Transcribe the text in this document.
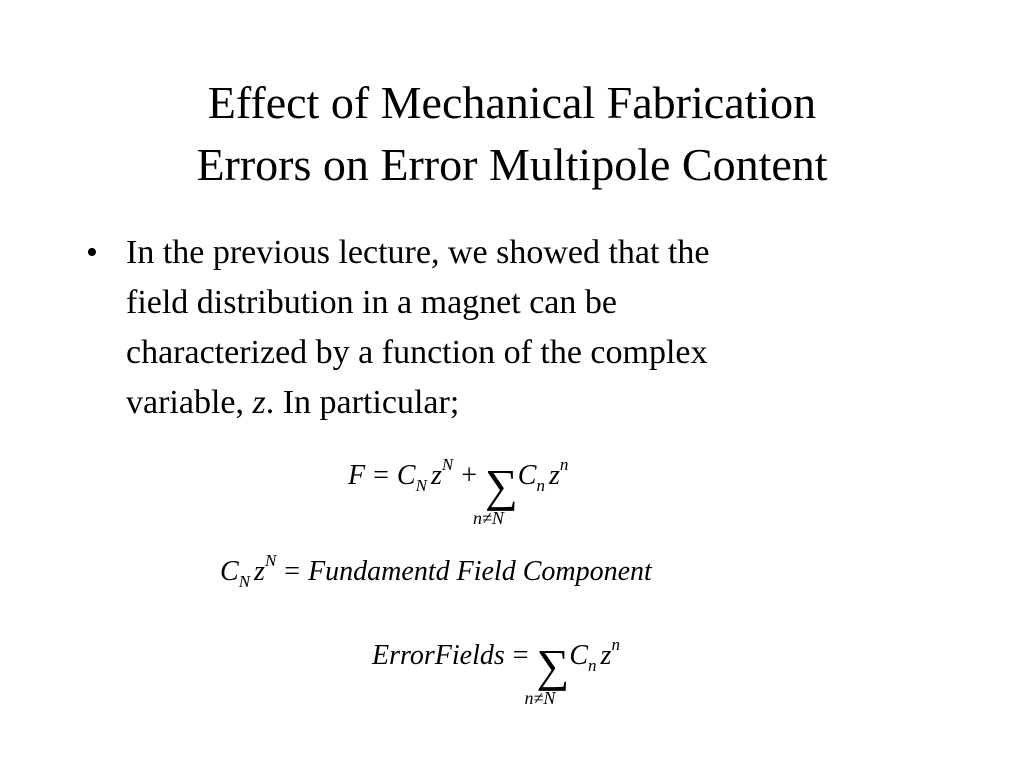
Effect of Mechanical Fabrication
Errors on Error Multipole Content
• In the previous lecture, we showed that the
field distribution in a magnet can be
characterized by a function of the complex
variable, z. In particular;
$F = C_N$ $z^N$ + ∑
n≠N
$C_n$ $z^n$
$C_N$ $z^N$ = Fundamentd Field Component
ErrorFields = ∑
n≠N
$C_n$ $z^n$
